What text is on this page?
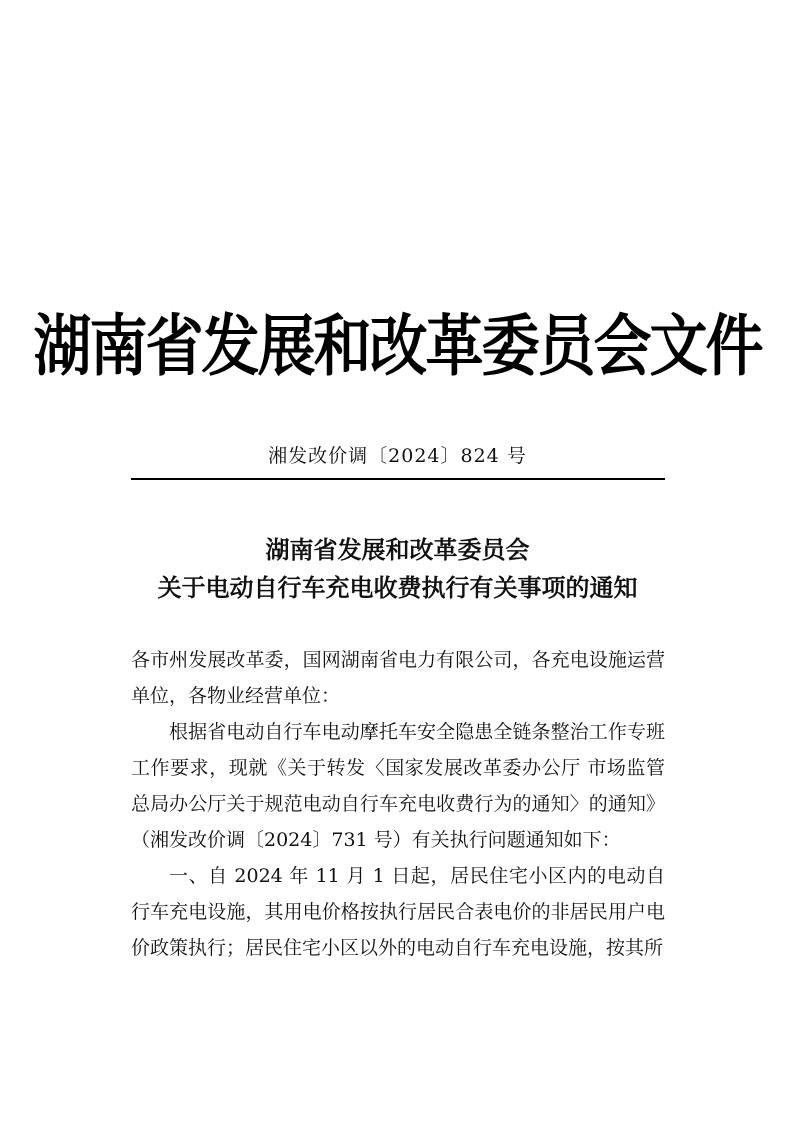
湖南省发展和改革委员会文件
湘发改价调〔2024〕824 号
湖南省发展和改革委员会
关于电动自行车充电收费执行有关事项的通知

各市州发展改革委，国网湖南省电力有限公司，各充电设施运营单位，各物业经营单位：

根据省电动自行车电动摩托车安全隐患全链条整治工作专班工作要求，现就《关于转发〈国家发展改革委办公厅 市场监管总局办公厅关于规范电动自行车充电收费行为的通知〉的通知》（湘发改价调〔2024〕731 号）有关执行问题通知如下：

一、自 2024 年 11 月 1 日起，居民住宅小区内的电动自行车充电设施，其用电价格按执行居民合表电价的非居民用户电价政策执行；居民住宅小区以外的电动自行车充电设施，按其所
